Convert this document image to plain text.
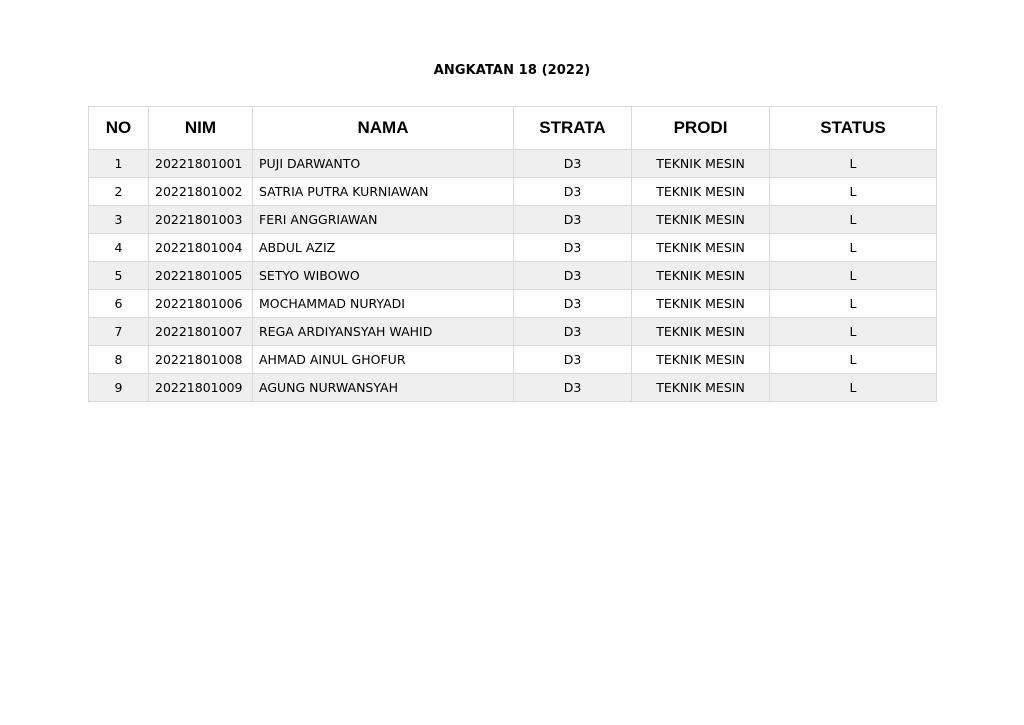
ANGKATAN 18 (2022)
NO	NIM	NAMA	STRATA	PRODI	STATUS
1	20221801001	PUJI DARWANTO	D3	TEKNIK MESIN	L
2	20221801002	SATRIA PUTRA KURNIAWAN	D3	TEKNIK MESIN	L
3	20221801003	FERI ANGGRIAWAN	D3	TEKNIK MESIN	L
4	20221801004	ABDUL AZIZ	D3	TEKNIK MESIN	L
5	20221801005	SETYO WIBOWO	D3	TEKNIK MESIN	L
6	20221801006	MOCHAMMAD NURYADI	D3	TEKNIK MESIN	L
7	20221801007	REGA ARDIYANSYAH WAHID	D3	TEKNIK MESIN	L
8	20221801008	AHMAD AINUL GHOFUR	D3	TEKNIK MESIN	L
9	20221801009	AGUNG NURWANSYAH	D3	TEKNIK MESIN	L
